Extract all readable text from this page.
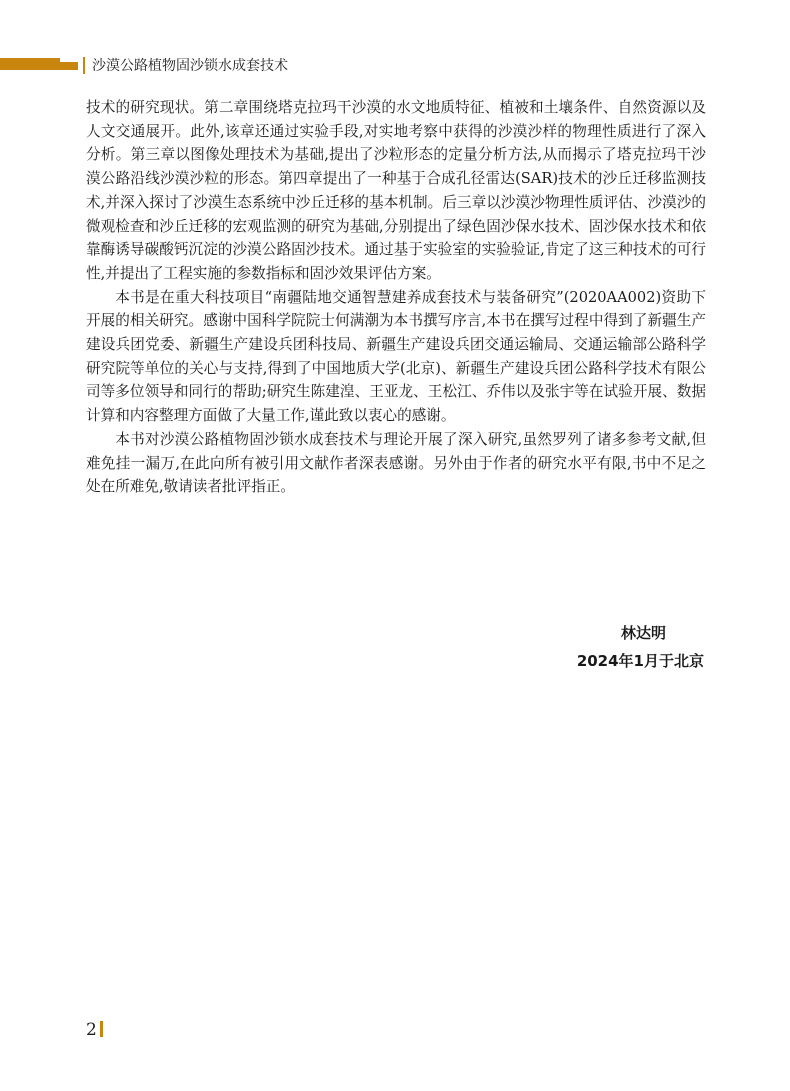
沙漠公路植物固沙锁水成套技术

技术的研究现状。第二章围绕塔克拉玛干沙漠的水文地质特征、植被和土壤条件、自然资源以及人文交通展开。此外,该章还通过实验手段,对实地考察中获得的沙漠沙样的物理性质进行了深入分析。第三章以图像处理技术为基础,提出了沙粒形态的定量分析方法,从而揭示了塔克拉玛干沙漠公路沿线沙漠沙粒的形态。第四章提出了一种基于合成孔径雷达(SAR)技术的沙丘迁移监测技术,并深入探讨了沙漠生态系统中沙丘迁移的基本机制。后三章以沙漠沙物理性质评估、沙漠沙的微观检查和沙丘迁移的宏观监测的研究为基础,分别提出了绿色固沙保水技术、固沙保水技术和依靠酶诱导碳酸钙沉淀的沙漠公路固沙技术。通过基于实验室的实验验证,肯定了这三种技术的可行性,并提出了工程实施的参数指标和固沙效果评估方案。

本书是在重大科技项目“南疆陆地交通智慧建养成套技术与装备研究”(2020AA002)资助下开展的相关研究。感谢中国科学院院士何满潮为本书撰写序言,本书在撰写过程中得到了新疆生产建设兵团党委、新疆生产建设兵团科技局、新疆生产建设兵团交通运输局、交通运输部公路科学研究院等单位的关心与支持,得到了中国地质大学(北京)、新疆生产建设兵团公路科学技术有限公司等多位领导和同行的帮助;研究生陈建湟、王亚龙、王松江、乔伟以及张宇等在试验开展、数据计算和内容整理方面做了大量工作,谨此致以衷心的感谢。

本书对沙漠公路植物固沙锁水成套技术与理论开展了深入研究,虽然罗列了诸多参考文献,但难免挂一漏万,在此向所有被引用文献作者深表感谢。另外由于作者的研究水平有限,书中不足之处在所难免,敬请读者批评指正。

林达明
2024年1月于北京
2
